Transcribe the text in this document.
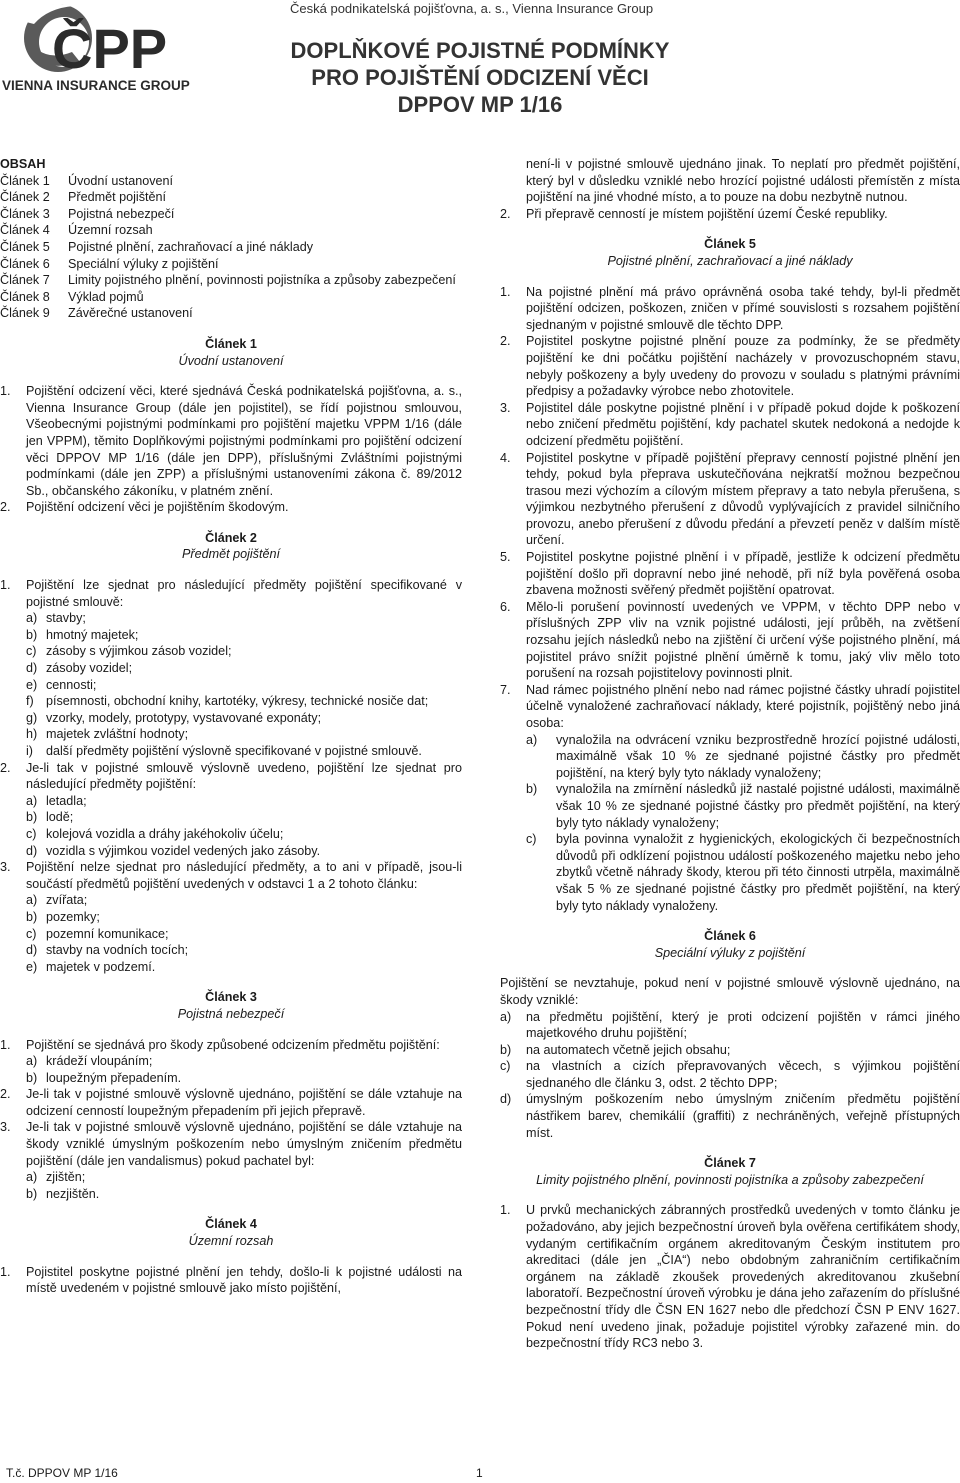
ČPP
VIENNA INSURANCE GROUP
Česká podnikatelská pojišťovna, a. s., Vienna Insurance Group
DOPLŇKOVÉ POJISTNÉ PODMÍNKY
PRO POJIŠTĚNÍ ODCIZENÍ VĚCI
DPPOV MP 1/16
OBSAH
Článek 1	Úvodní ustanovení
Článek 2	Předmět pojištění
Článek 3	Pojistná nebezpečí
Článek 4	Územní rozsah
Článek 5	Pojistné plnění, zachraňovací a jiné náklady
Článek 6	Speciální výluky z pojištění
Článek 7	Limity pojistného plnění, povinnosti pojistníka a způsoby zabezpečení
Článek 8	Výklad pojmů
Článek 9	Závěrečné ustanovení
Článek 1
Úvodní ustanovení
1.	Pojištění odcizení věci, které sjednává Česká podnikatelská pojišťovna, a. s., Vienna Insurance Group (dále jen pojistitel), se řídí pojistnou smlouvou, Všeobecnými pojistnými podmínkami pro pojištění majetku VPPM 1/16 (dále jen VPPM), těmito Doplňkovými pojistnými podmínkami pro pojištění odcizení věci DPPOV MP 1/16 (dále jen DPP), příslušnými Zvláštními pojistnými podmínkami (dále jen ZPP) a příslušnými ustanoveními zákona č. 89/2012 Sb., občanského zákoníku, v platném znění.
2.	Pojištění odcizení věci je pojištěním škodovým.
Článek 2
Předmět pojištění
1.	Pojištění lze sjednat pro následující předměty pojištění specifikované v pojistné smlouvě:
a) stavby;
b) hmotný majetek;
c) zásoby s výjimkou zásob vozidel;
d) zásoby vozidel;
e) cennosti;
f) písemnosti, obchodní knihy, kartotéky, výkresy, technické nosiče dat;
g) vzorky, modely, prototypy, vystavované exponáty;
h) majetek zvláštní hodnoty;
i)	další předměty pojištění výslovně specifikované v pojistné smlouvě.
2.	Je-li tak v pojistné smlouvě výslovně uvedeno, pojištění lze sjednat pro následující předměty pojištění:
a) letadla;
b) lodě;
c) kolejová vozidla a dráhy jakéhokoliv účelu;
d) vozidla s výjimkou vozidel vedených jako zásoby.
3.	Pojištění nelze sjednat pro následující předměty, a to ani v případě, jsou-li součástí předmětů pojištění uvedených v odstavci 1 a 2 tohoto článku:
a) zvířata;
b) pozemky;
c) pozemní komunikace;
d) stavby na vodních tocích;
e) majetek v podzemí.
Článek 3
Pojistná nebezpečí
1.	Pojištění se sjednává pro škody způsobené odcizením předmětu pojištění:
a) krádeží vloupáním;
b) loupežným přepadením.
2.	Je-li tak v pojistné smlouvě výslovně ujednáno, pojištění se dále vztahuje na odcizení cenností loupežným přepadením při jejich přepravě.
3.	Je-li tak v pojistné smlouvě výslovně ujednáno, pojištění se dále vztahuje na škody vzniklé úmyslným poškozením nebo úmyslným zničením předmětu pojištění (dále jen vandalismus) pokud pachatel byl:
a) zjištěn;
b) nezjištěn.
Článek 4
Územní rozsah
1.	Pojistitel poskytne pojistné plnění jen tehdy, došlo-li k pojistné události na místě uvedeném v pojistné smlouvě jako místo pojištění,
není-li v pojistné smlouvě ujednáno jinak. To neplatí pro předmět pojištění, který byl v důsledku vzniklé nebo hrozící pojistné události přemístěn z místa pojištění na jiné vhodné místo, a to pouze na dobu nezbytně nutnou.
2.	Při přepravě cenností je místem pojištění území České republiky.
Článek 5
Pojistné plnění, zachraňovací a jiné náklady
1.	Na pojistné plnění má právo oprávněná osoba také tehdy, byl-li předmět pojištění odcizen, poškozen, zničen v přímé souvislosti s rozsahem pojištění sjednaným v pojistné smlouvě dle těchto DPP.
2.	Pojistitel poskytne pojistné plnění pouze za podmínky, že se předměty pojištění ke dni počátku pojištění nacházely v provozuschopném stavu, nebyly poškozeny a byly uvedeny do provozu v souladu s platnými právními předpisy a požadavky výrobce nebo zhotovitele.
3.	Pojistitel dále poskytne pojistné plnění i v případě pokud dojde k poškození nebo zničení předmětu pojištění, kdy pachatel skutek nedokoná a nedojde k odcizení předmětu pojištění.
4.	Pojistitel poskytne v případě pojištění přepravy cenností pojistné plnění jen tehdy, pokud byla přeprava uskutečňována nejkratší možnou bezpečnou trasou mezi výchozím a cílovým místem přepravy a tato nebyla přerušena, s výjimkou nezbytného přerušení z důvodů vyplývajících z pravidel silničního provozu, anebo přerušení z důvodu předání a převzetí peněz v dalším místě určení.
5.	Pojistitel poskytne pojistné plnění i v případě, jestliže k odcizení předmětu pojištění došlo při dopravní nebo jiné nehodě, při níž byla pověřená osoba zbavena možnosti svěřený předmět pojištění opatrovat.
6.	Mělo-li porušení povinností uvedených ve VPPM, v těchto DPP nebo v příslušných ZPP vliv na vznik pojistné události, její průběh, na zvětšení rozsahu jejích následků nebo na zjištění či určení výše pojistného plnění, má pojistitel právo snížit pojistné plnění úměrně k tomu, jaký vliv mělo toto porušení na rozsah pojistitelovy povinnosti plnit.
7.	Nad rámec pojistného plnění nebo nad rámec pojistné částky uhradí pojistitel účelně vynaložené zachraňovací náklady, které pojistník, pojištěný nebo jiná osoba:
a)	vynaložila na odvrácení vzniku bezprostředně hrozící pojistné události, maximálně však 10 % ze sjednané pojistné částky pro předmět pojištění, na který byly tyto náklady vynaloženy;
b)	vynaložila na zmírnění následků již nastalé pojistné události, maximálně však 10 % ze sjednané pojistné částky pro předmět pojištění, na který byly tyto náklady vynaloženy;
c)	byla povinna vynaložit z hygienických, ekologických či bezpečnostních důvodů při odklízení pojistnou událostí poškozeného majetku nebo jeho zbytků včetně náhrady škody, kterou při této činnosti utrpěla, maximálně však 5 % ze sjednané pojistné částky pro předmět pojištění, na který byly tyto náklady vynaloženy.
Článek 6
Speciální výluky z pojištění

Pojištění se nevztahuje, pokud není v pojistné smlouvě výslovně ujednáno, na škody vzniklé:

a)	na předmětu pojištění, který je proti odcizení pojištěn v rámci jiného majetkového druhu pojištění;
b)	na automatech včetně jejich obsahu;
c)	na vlastních a cizích přepravovaných věcech, s výjimkou pojištění sjednaného dle článku 3, odst. 2 těchto DPP;
d)	úmyslným poškozením nebo úmyslným zničením předmětu pojištění nástřikem barev, chemikálií (graffiti) z nechráněných, veřejně přístupných míst.
Článek 7
Limity pojistného plnění, povinnosti pojistníka a způsoby zabezpečení
1.	U prvků mechanických zábranných prostředků uvedených v tomto článku je požadováno, aby jejich bezpečnostní úroveň byla ověřena certifikátem shody, vydaným certifikačním orgánem akreditovaným Českým institutem pro akreditaci (dále jen „ČIA“) nebo obdobným zahraničním certifikačním orgánem na základě zkoušek provedených akreditovanou zkušební laboratoří. Bezpečnostní úroveň výrobku je dána jeho zařazením do příslušné bezpečnostní třídy dle ČSN EN 1627 nebo dle předchozí ČSN P ENV 1627. Pokud není uvedeno jinak, požaduje pojistitel výrobky zařazené min. do bezpečnostní třídy RC3 nebo 3.
T.č. DPPOV MP 1/16	1
